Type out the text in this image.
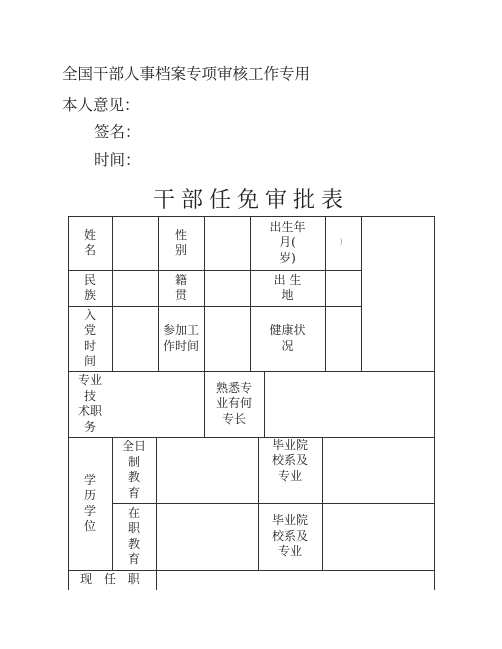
全国干部人事档案专项审核工作专用
本人意见：
签名：
时间：
干部任免审批表
姓
名
性
别
出生年
月(
岁)
）
民
族
籍
贯
出 生
地
入
党
时
间
参加工
作时间
健康状
况
专业
技
术职
务
熟悉专
业有何
专长
学
历
学
位
全日
制
教
育
毕业院
校系及
专业
在
职
教
育
毕业院
校系及
专业
现 任 职
